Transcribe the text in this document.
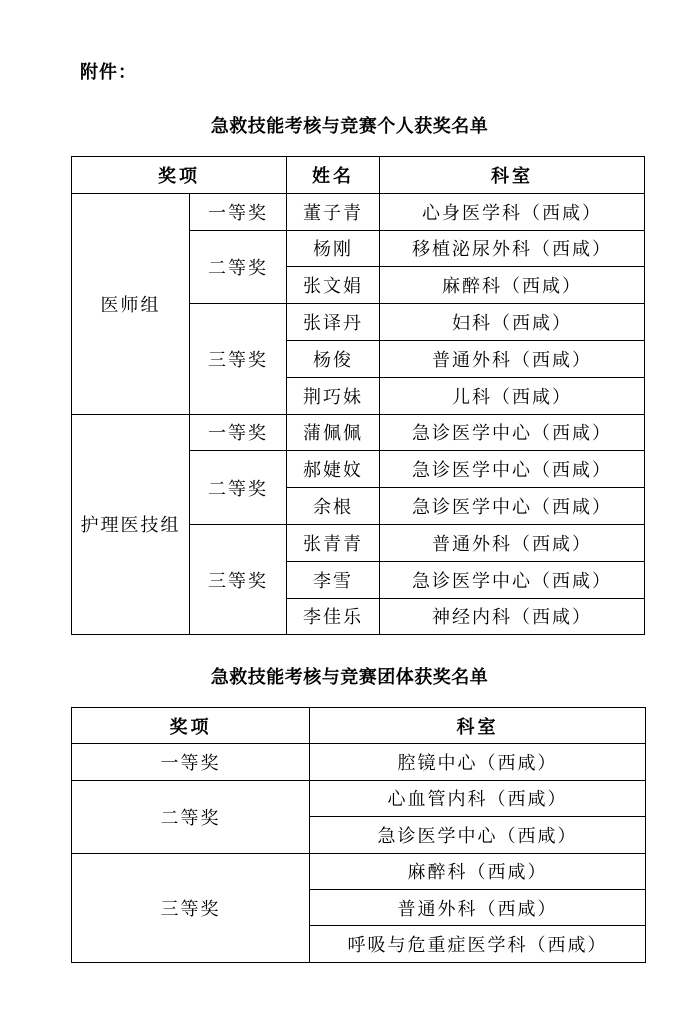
附件：
急救技能考核与竞赛个人获奖名单
奖项		姓名	科室
医师组	一等奖	董子青	心身医学科（西咸）
	二等奖	杨刚	移植泌尿外科（西咸）
		张文娟	麻醉科（西咸）
	三等奖	张译丹	妇科（西咸）
		杨俊	普通外科（西咸）
		荆巧妹	儿科（西咸）
护理医技组	一等奖	蒲佩佩	急诊医学中心（西咸）
	二等奖	郝婕妏	急诊医学中心（西咸）
		余根	急诊医学中心（西咸）
	三等奖	张青青	普通外科（西咸）
		李雪	急诊医学中心（西咸）
		李佳乐	神经内科（西咸）
急救技能考核与竞赛团体获奖名单
奖项	科室
一等奖	腔镜中心（西咸）
二等奖	心血管内科（西咸）
	急诊医学中心（西咸）
三等奖	麻醉科（西咸）
	普通外科（西咸）
	呼吸与危重症医学科（西咸）
